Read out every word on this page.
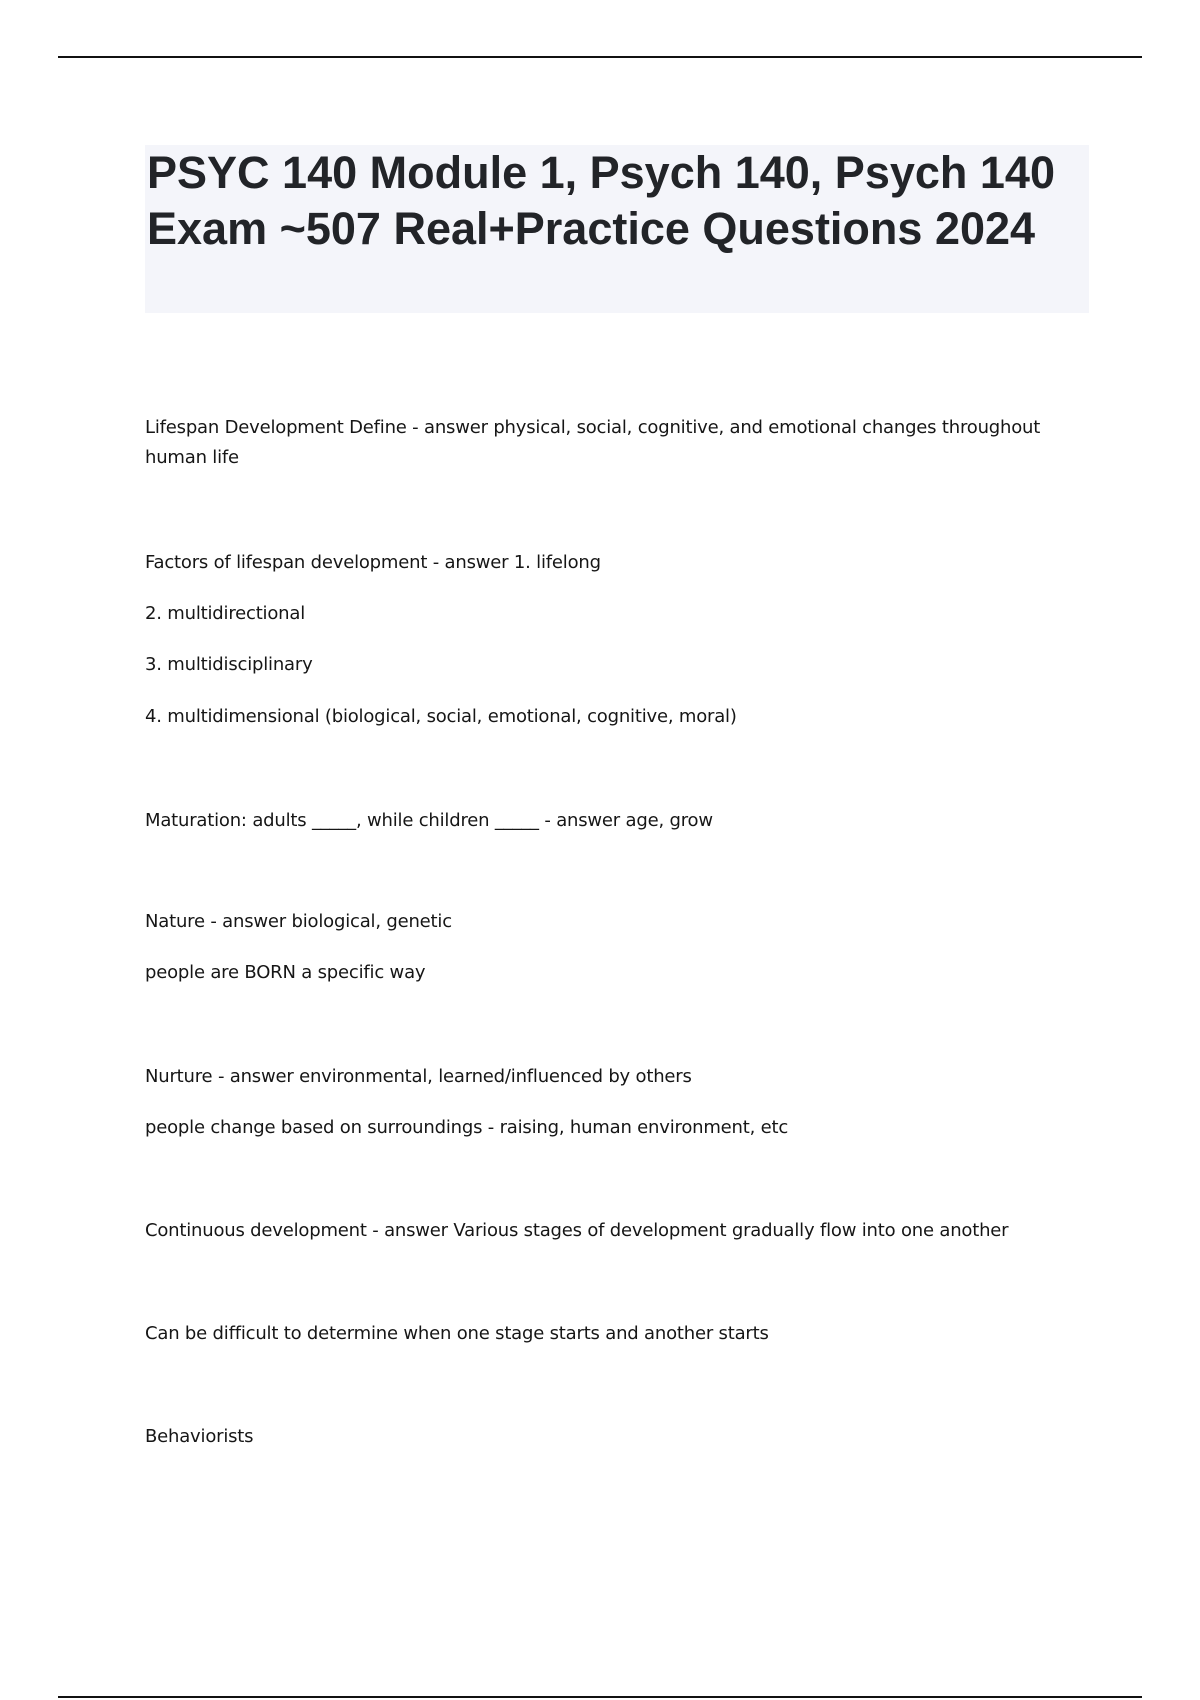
PSYC 140 Module 1, Psych 140, Psych 140 Exam ~507 Real+Practice Questions 2024
Lifespan Development Define - answer physical, social, cognitive, and emotional changes throughout human life
Factors of lifespan development - answer 1. lifelong
2. multidirectional
3. multidisciplinary
4. multidimensional (biological, social, emotional, cognitive, moral)
Maturation: adults _____, while children _____ - answer age, grow
Nature - answer biological, genetic
people are BORN a specific way
Nurture - answer environmental, learned/influenced by others
people change based on surroundings - raising, human environment, etc
Continuous development - answer Various stages of development gradually flow into one another
Can be difficult to determine when one stage starts and another starts
Behaviorists
